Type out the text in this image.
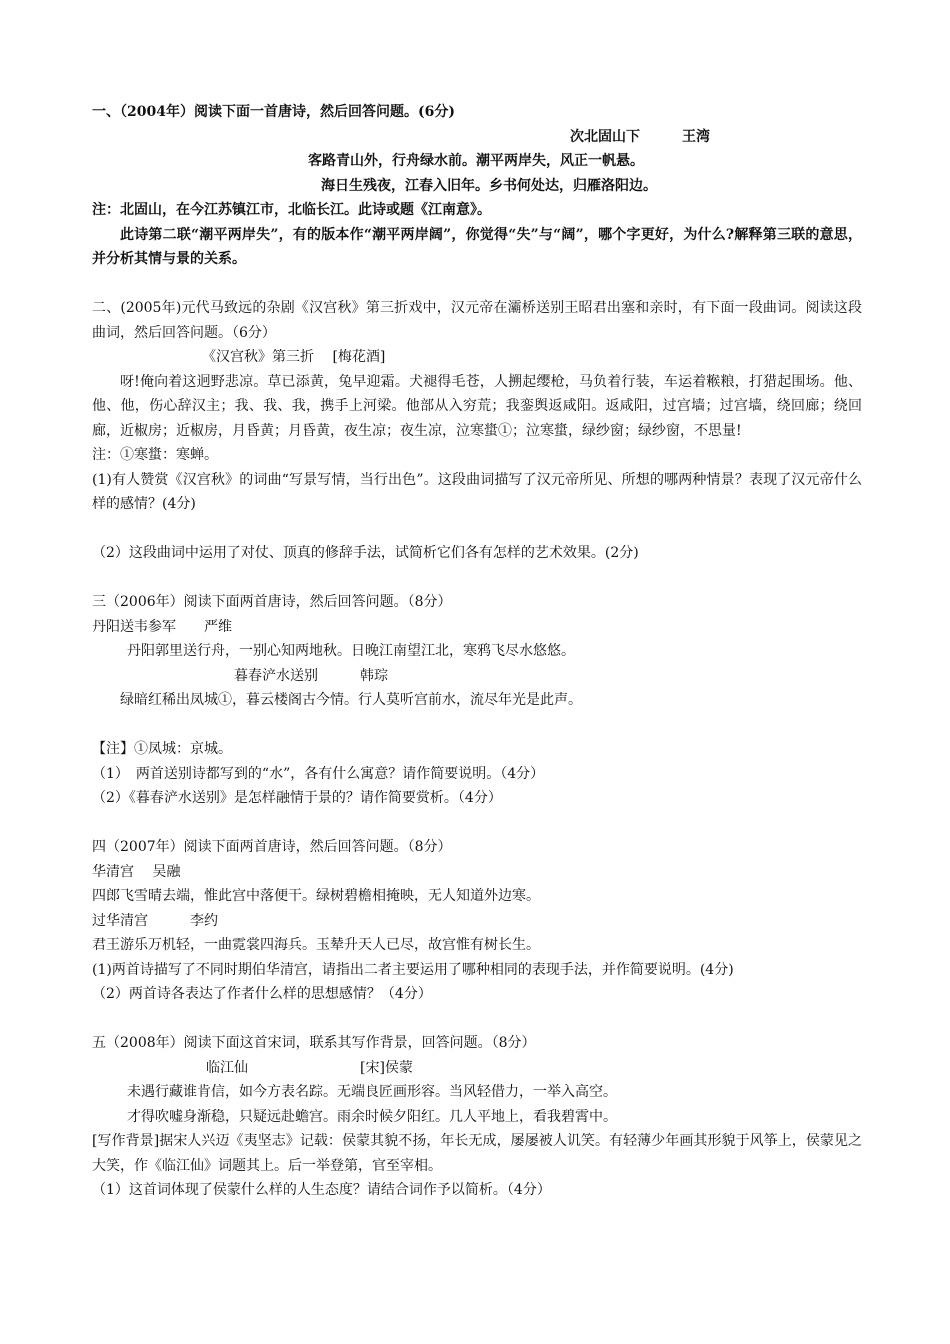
一、（2004年）阅读下面一首唐诗，然后回答问题。(6分)
次北固山下　　　王湾
客路青山外，行舟绿水前。潮平两岸失，风正一帆悬。
海日生残夜，江春入旧年。乡书何处达，归雁洛阳边。
注：北固山，在今江苏镇江市，北临长江。此诗或题《江南意》。
此诗第二联“潮平两岸失”，有的版本作“潮平两岸阔”，你觉得“失”与“阔”，哪个字更好，为什么?解释第三联的意思，并分析其情与景的关系。
二、(2005年)元代马致远的杂剧《汉宫秋》第三折戏中，汉元帝在灞桥送别王昭君出塞和亲时，有下面一段曲词。阅读这段曲词，然后回答问题。（6分）
《汉宫秋》第三折　 [梅花酒]
呀!俺向着这迥野悲凉。草已添黄，兔早迎霜。犬褪得毛苍，人搠起缨枪，马负着行装，车运着糇粮，打猎起围场。他、他、他，伤心辞汉主；我、我、我，携手上河梁。他部从入穷荒；我銮舆返咸阳。返咸阳，过宫墙；过宫墙，绕回廊；绕回廊，近椒房；近椒房，月昏黄；月昏黄，夜生凉；夜生凉，泣寒螀①；泣寒螀，绿纱窗；绿纱窗，不思量!
注：①寒螀：寒蝉。
(1)有人赞赏《汉宫秋》的词曲“写景写情，当行出色”。这段曲词描写了汉元帝所见、所想的哪两种情景？表现了汉元帝什么样的感情？(4分)
（2）这段曲词中运用了对仗、顶真的修辞手法，试简析它们各有怎样的艺术效果。(2分)
三（2006年）阅读下面两首唐诗，然后回答问题。（8分）
丹阳送韦参军　　严维
丹阳郭里送行舟，一别心知两地秋。日晚江南望江北，寒鸦飞尽水悠悠。
暮春浐水送别　　　韩琮
绿暗红稀出凤城①，暮云楼阁古今情。行人莫听宫前水，流尽年光是此声。
【注】①凤城：京城。
（1）　两首送别诗都写到的“水”，各有什么寓意？请作简要说明。（4分）
（2）《暮春浐水送别》是怎样融情于景的？请作简要赏析。（4分）
四（2007年）阅读下面两首唐诗，然后回答问题。（8分）
华清宫　 吴融
四郎飞雪晴去端，惟此宫中落便干。绿树碧檐相掩映，无人知道外边寒。
过华清宫　　　李约
君王游乐万机轻，一曲霓裳四海兵。玉辇升天人已尽，故宫惟有树长生。
(1)两首诗描写了不同时期伯华清宫，请指出二者主要运用了哪种相同的表现手法，并作简要说明。(4分)
（2）两首诗各表达了作者什么样的思想感情？（4分）
五（2008年）阅读下面这首宋词，联系其写作背景，回答问题。（8分）
临江仙　　　　　　　　[宋]侯蒙
未遇行藏谁肯信，如今方表名踪。无端良匠画形容。当风轻借力，一举入高空。
才得吹嘘身渐稳，只疑远赴蟾宫。雨余时候夕阳红。几人平地上，看我碧霄中。
[写作背景]据宋人兴迈《夷坚志》记载：侯蒙其貌不扬，年长无成，屡屡被人讥笑。有轻薄少年画其形貌于风筝上，侯蒙见之大笑，作《临江仙》词题其上。后一举登第，官至宰相。
（1）这首词体现了侯蒙什么样的人生态度？请结合词作予以简析。（4分）
